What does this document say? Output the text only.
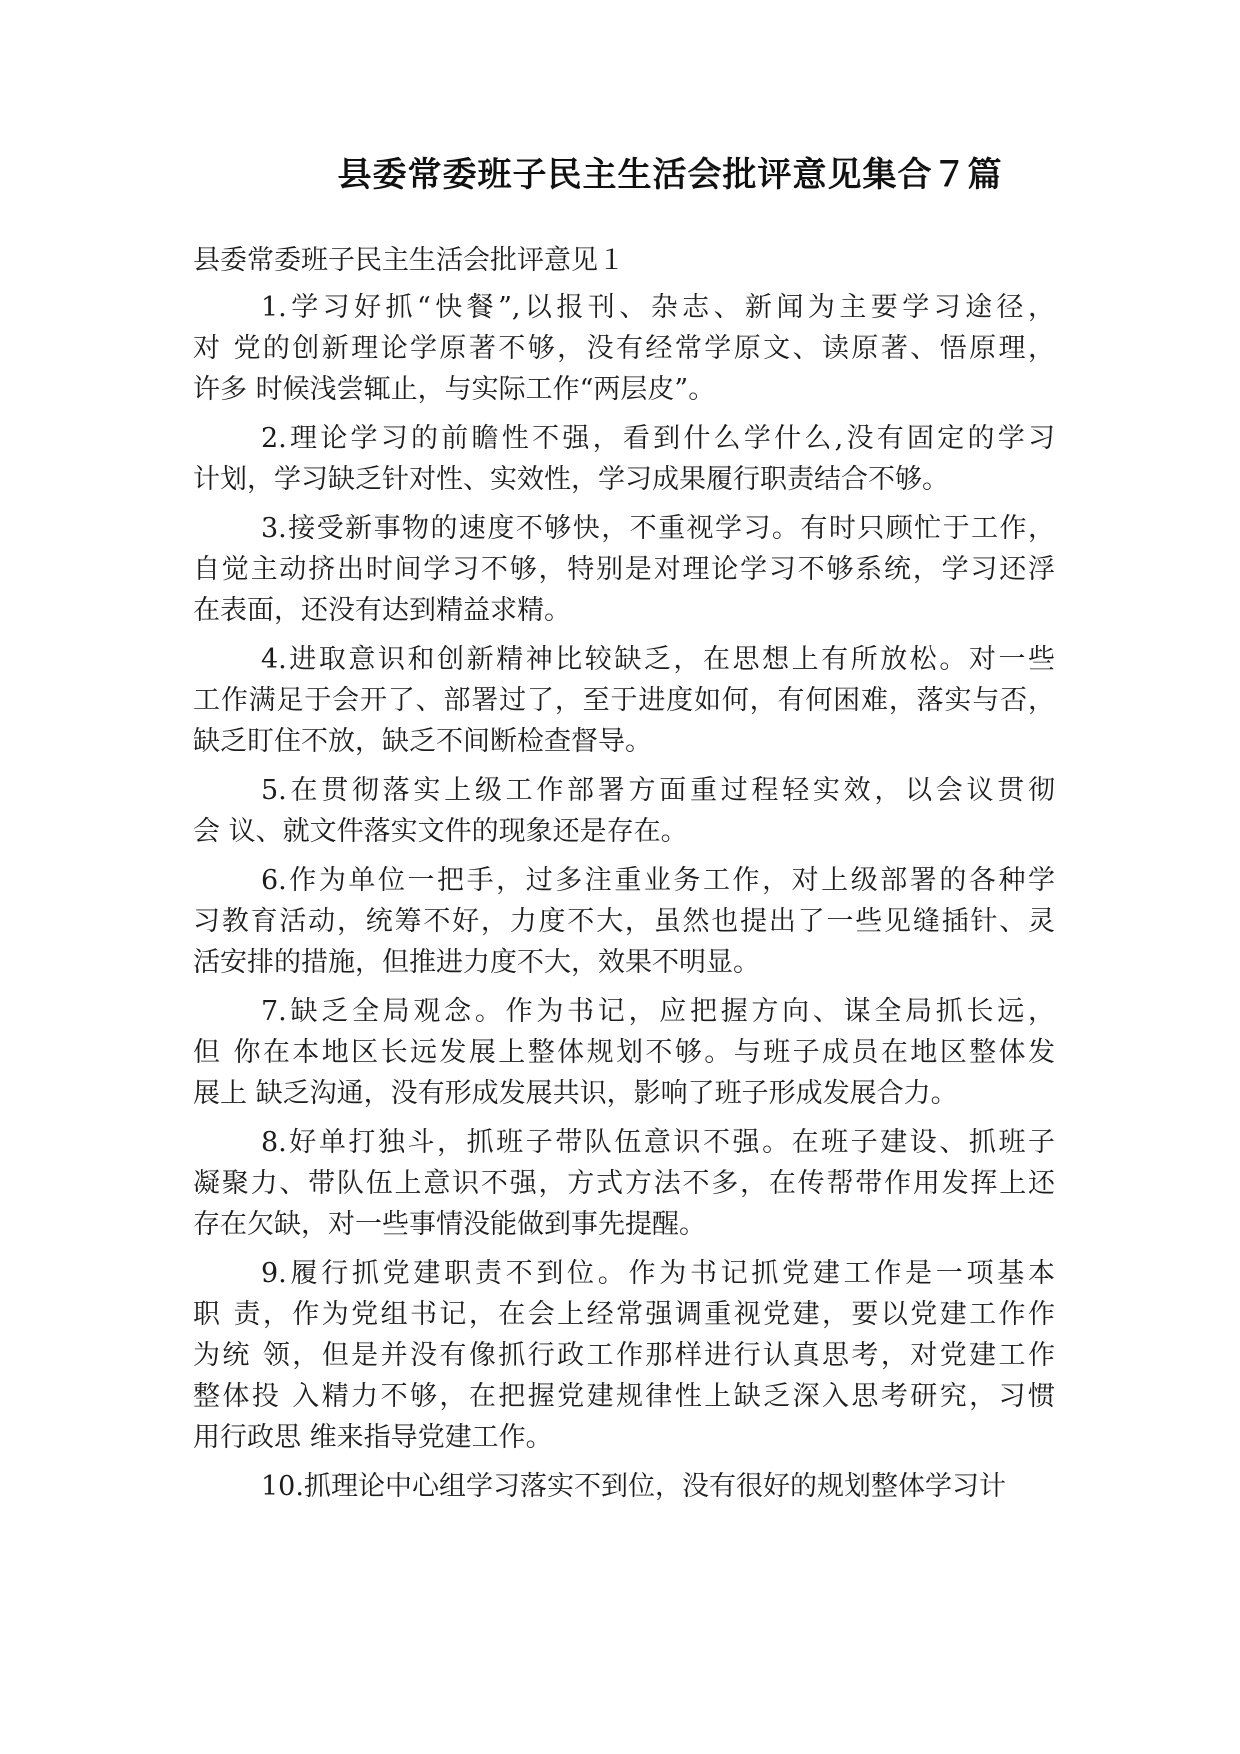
县委常委班子民主生活会批评意见集合７篇
县委常委班子民主生活会批评意见１
1.学习好抓“快餐”,以报刊、杂志、新闻为主要学习途径，
对 党的创新理论学原著不够，没有经常学原文、读原著、悟原理，
许多 时候浅尝辄止，与实际工作“两层皮”。
2.理论学习的前瞻性不强，看到什么学什么,没有固定的学习
计划，学习缺乏针对性、实效性，学习成果履行职责结合不够。
3.接受新事物的速度不够快，不重视学习。有时只顾忙于工作，
自觉主动挤出时间学习不够，特别是对理论学习不够系统，学习还浮
在表面，还没有达到精益求精。
4.进取意识和创新精神比较缺乏，在思想上有所放松。对一些
工作满足于会开了、部署过了，至于进度如何，有何困难，落实与否，
缺乏盯住不放，缺乏不间断检查督导。
5.在贯彻落实上级工作部署方面重过程轻实效，以会议贯彻
会 议、就文件落实文件的现象还是存在。
6.作为单位一把手，过多注重业务工作，对上级部署的各种学
习教育活动，统筹不好，力度不大，虽然也提出了一些见缝插针、灵
活安排的措施，但推进力度不大，效果不明显。
7.缺乏全局观念。作为书记，应把握方向、谋全局抓长远，
但 你在本地区长远发展上整体规划不够。与班子成员在地区整体发
展上 缺乏沟通，没有形成发展共识，影响了班子形成发展合力。
8.好单打独斗，抓班子带队伍意识不强。在班子建设、抓班子
凝聚力、带队伍上意识不强，方式方法不多，在传帮带作用发挥上还
存在欠缺，对一些事情没能做到事先提醒。
9.履行抓党建职责不到位。作为书记抓党建工作是一项基本
职 责，作为党组书记，在会上经常强调重视党建，要以党建工作作
为统 领，但是并没有像抓行政工作那样进行认真思考，对党建工作
整体投 入精力不够，在把握党建规律性上缺乏深入思考研究，习惯
用行政思 维来指导党建工作。
10.抓理论中心组学习落实不到位，没有很好的规划整体学习计
